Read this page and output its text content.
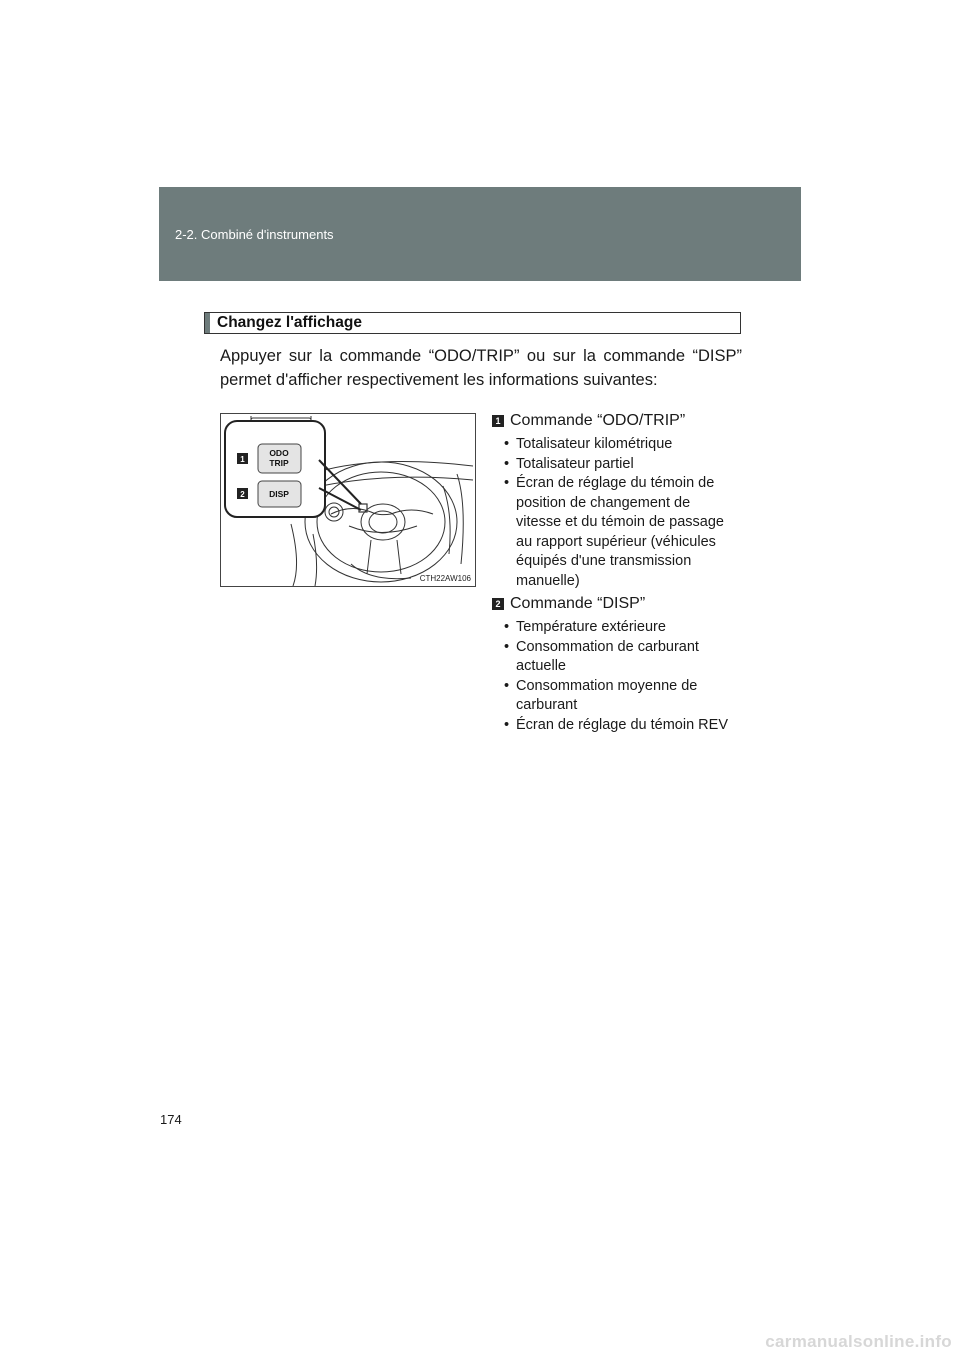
2-2. Combiné d'instruments
Changez l'affichage
Appuyer sur la commande “ODO/TRIP” ou sur la commande “DISP”
permet d'afficher respectivement les informations suivantes:
ODO
TRIP
DISP
1
2
CTH22AW106
1 Commande “ODO/TRIP”
• Totalisateur kilométrique
• Totalisateur partiel
• Écran de réglage du témoin de
position de changement de
vitesse et du témoin de passage
au rapport supérieur (véhicules
équipés d'une transmission
manuelle)
2 Commande “DISP”
• Température extérieure
• Consommation de carburant
actuelle
• Consommation moyenne de
carburant
• Écran de réglage du témoin REV
174
carmanualsonline.info
